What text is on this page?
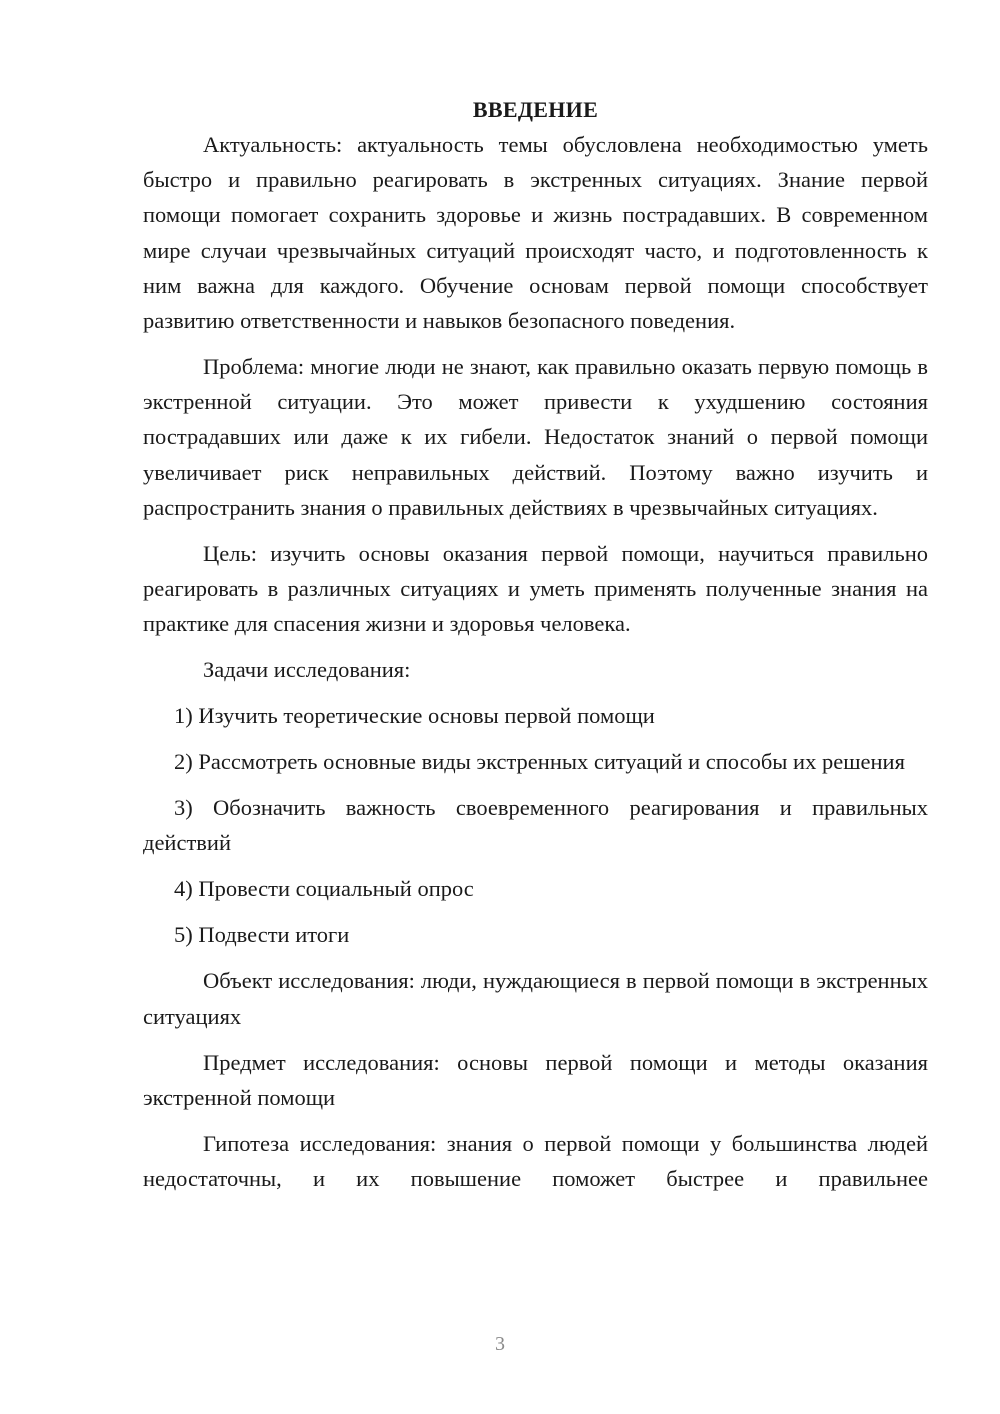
ВВЕДЕНИЕ

Актуальность: актуальность темы обусловлена необходимостью уметь быстро и правильно реагировать в экстренных ситуациях. Знание первой помощи помогает сохранить здоровье и жизнь пострадавших. В современном мире случаи чрезвычайных ситуаций происходят часто, и подготовленность к ним важна для каждого. Обучение основам первой помощи способствует развитию ответственности и навыков безопасного поведения.

Проблема: многие люди не знают, как правильно оказать первую помощь в экстренной ситуации. Это может привести к ухудшению состояния пострадавших или даже к их гибели. Недостаток знаний о первой помощи увеличивает риск неправильных действий. Поэтому важно изучить и распространить знания о правильных действиях в чрезвычайных ситуациях.

Цель: изучить основы оказания первой помощи, научиться правильно реагировать в различных ситуациях и уметь применять полученные знания на практике для спасения жизни и здоровья человека.

Задачи исследования:

1) Изучить теоретические основы первой помощи

2) Рассмотреть основные виды экстренных ситуаций и способы их решения

3) Обозначить важность своевременного реагирования и правильных действий

4) Провести социальный опрос

5) Подвести итоги

Объект исследования: люди, нуждающиеся в первой помощи в экстренных ситуациях

Предмет исследования: основы первой помощи и методы оказания экстренной помощи

Гипотеза исследования: знания о первой помощи у большинства людей недостаточны, и их повышение поможет быстрее и правильнее

3
